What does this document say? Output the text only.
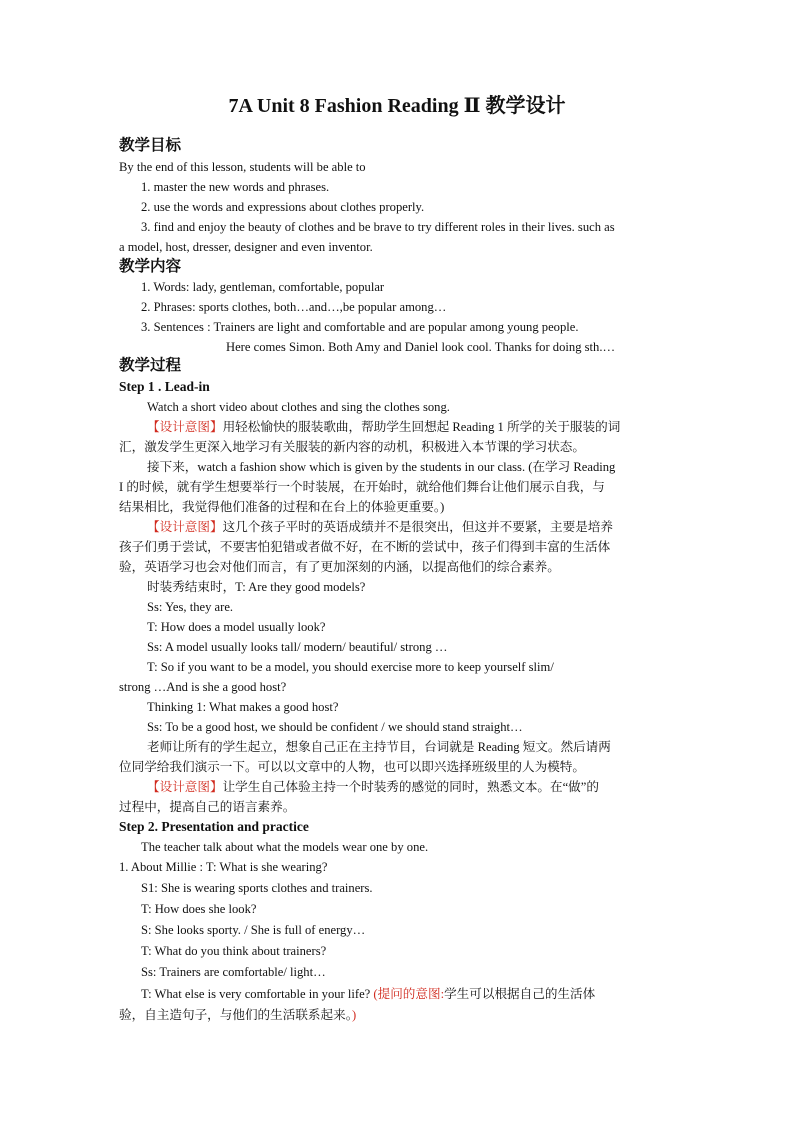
7A Unit 8 Fashion Reading Ⅱ 教学设计
教学目标
By the end of this lesson, students will be able to
1. master the new words and phrases.
2. use the words and expressions about clothes properly.
3. find and enjoy the beauty of clothes and be brave to try different roles in their lives. such as
a model, host, dresser, designer and even inventor.
教学内容
1. Words: lady, gentleman, comfortable, popular
2. Phrases: sports clothes, both…and…,be popular among…
3. Sentences : Trainers are light and comfortable and are popular among young people.
Here comes Simon. Both Amy and Daniel look cool. Thanks for doing sth.…
教学过程
Step 1 . Lead-in
Watch a short video about clothes and sing the clothes song.
【设计意图】用轻松愉快的服装歌曲，帮助学生回想起 Reading 1 所学的关于服装的词
汇，激发学生更深入地学习有关服装的新内容的动机，积极进入本节课的学习状态。
接下来，watch a fashion show which is given by the students in our class. (在学习 Reading
I 的时候，就有学生想要举行一个时装展，在开始时，就给他们舞台让他们展示自我，与
结果相比，我觉得他们准备的过程和在台上的体验更重要。)
【设计意图】这几个孩子平时的英语成绩并不是很突出，但这并不要紧，主要是培养
孩子们勇于尝试，不要害怕犯错或者做不好，在不断的尝试中，孩子们得到丰富的生活体
验，英语学习也会对他们而言，有了更加深刻的内涵，以提高他们的综合素养。
时装秀结束时，T: Are they good models?
Ss: Yes, they are.
T: How does a model usually look?
Ss: A model usually looks tall/ modern/ beautiful/ strong …
T: So if you want to be a model, you should exercise more to keep yourself slim/
strong …And is she a good host?
Thinking 1: What makes a good host?
Ss: To be a good host, we should be confident / we should stand straight…
老师让所有的学生起立，想象自己正在主持节目，台词就是 Reading 短文。然后请两
位同学给我们演示一下。可以以文章中的人物，也可以即兴选择班级里的人为模特。
【设计意图】让学生自己体验主持一个时装秀的感觉的同时，熟悉文本。在“做”的
过程中，提高自己的语言素养。
Step 2. Presentation and practice
The teacher talk about what the models wear one by one.
1. About Millie : T: What is she wearing?
S1: She is wearing sports clothes and trainers.
T: How does she look?
S: She looks sporty. / She is full of energy…
T: What do you think about trainers?
Ss: Trainers are comfortable/ light…
T: What else is very comfortable in your life? (提问的意图:学生可以根据自己的生活体
验，自主造句子，与他们的生活联系起来。)
